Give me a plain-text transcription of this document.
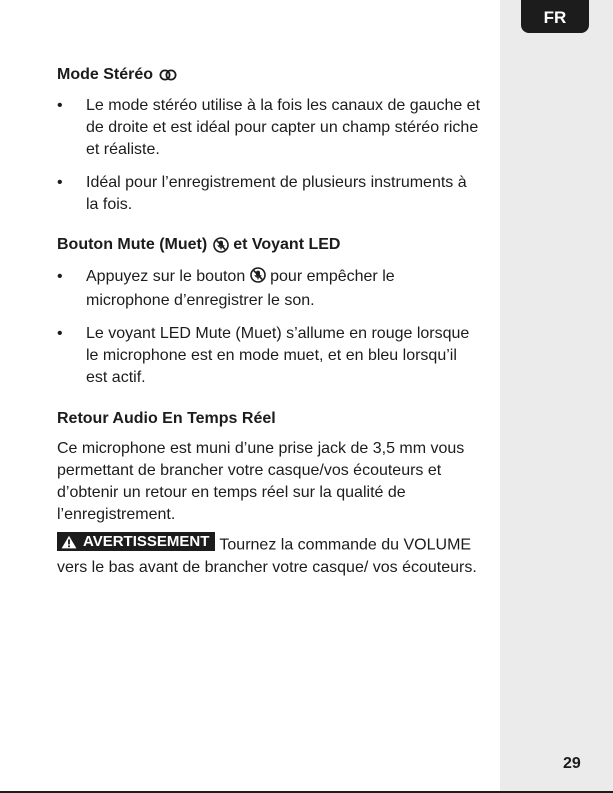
FR
29
Mode Stéréo
• Le mode stéréo utilise à la fois les canaux de gauche et de droite et est idéal pour capter un champ stéréo riche et réaliste.
• Idéal pour l’enregistrement de plusieurs instruments à la fois.
Bouton Mute (Muet) et Voyant LED
• Appuyez sur le bouton pour empêcher le microphone d’enregistrer le son.
• Le voyant LED Mute (Muet) s’allume en rouge lorsque le microphone est en mode muet, et en bleu lorsqu’il est actif.
Retour Audio En Temps Réel

Ce microphone est muni d’une prise jack de 3,5 mm vous permettant de brancher votre casque/vos écouteurs et d’obtenir un retour en temps réel sur la qualité de l’enregistrement.

AVERTISSEMENT Tournez la commande du VOLUME vers le bas avant de brancher votre casque/ vos écouteurs.
